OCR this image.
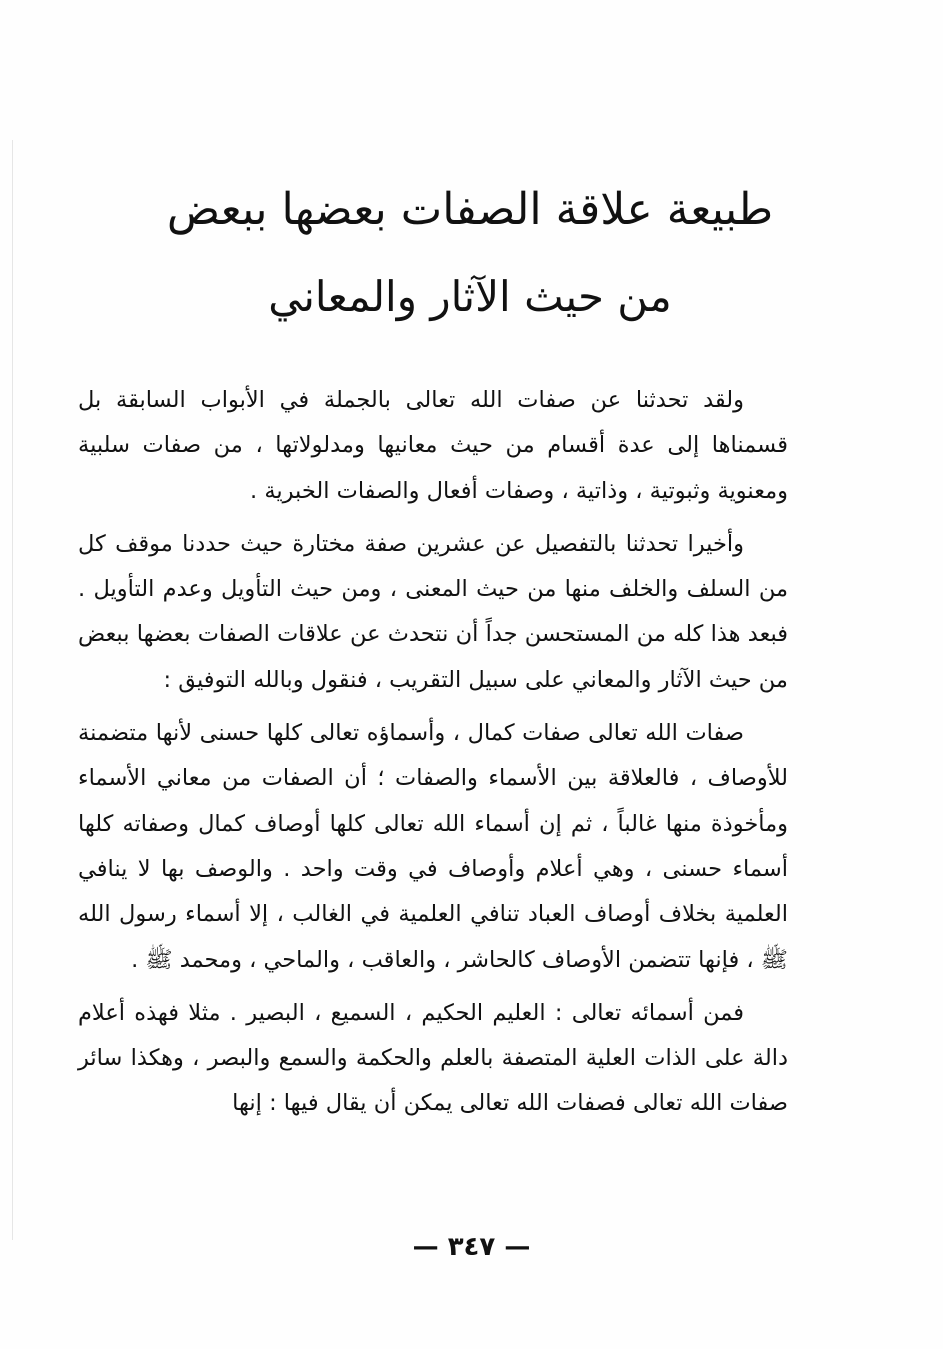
طبيعة علاقة الصفات بعضها ببعض
من حيث الآثار والمعاني

ولقد تحدثنا عن صفات الله تعالى بالجملة في الأبواب السابقة بل قسمناها إلى عدة أقسام من حيث معانيها ومدلولاتها ، من صفات سلبية ومعنوية وثبوتية ، وذاتية ، وصفات أفعال والصفات الخبرية .

وأخيرا تحدثنا بالتفصيل عن عشرين صفة مختارة حيث حددنا موقف كل من السلف والخلف منها من حيث المعنى ، ومن حيث التأويل وعدم التأويل . فبعد هذا كله من المستحسن جداً أن نتحدث عن علاقات الصفات بعضها ببعض من حيث الآثار والمعاني على سبيل التقريب ، فنقول وبالله التوفيق :

صفات الله تعالى صفات كمال ، وأسماؤه تعالى كلها حسنى لأنها متضمنة للأوصاف ، فالعلاقة بين الأسماء والصفات ؛ أن الصفات من معاني الأسماء ومأخوذة منها غالباً ، ثم إن أسماء الله تعالى كلها أوصاف كمال وصفاته كلها أسماء حسنى ، وهي أعلام وأوصاف في وقت واحد . والوصف بها لا ينافي العلمية بخلاف أوصاف العباد تنافي العلمية في الغالب ، إلا أسماء رسول الله ﷺ ، فإنها تتضمن الأوصاف كالحاشر ، والعاقب ، والماحي ، ومحمد ﷺ .

فمن أسمائه تعالى : العليم الحكيم ، السميع ، البصير . مثلا فهذه أعلام دالة على الذات العلية المتصفة بالعلم والحكمة والسمع والبصر ، وهكذا سائر صفات الله تعالى فصفات الله تعالى يمكن أن يقال فيها : إنها

— ٣٤٧ —
